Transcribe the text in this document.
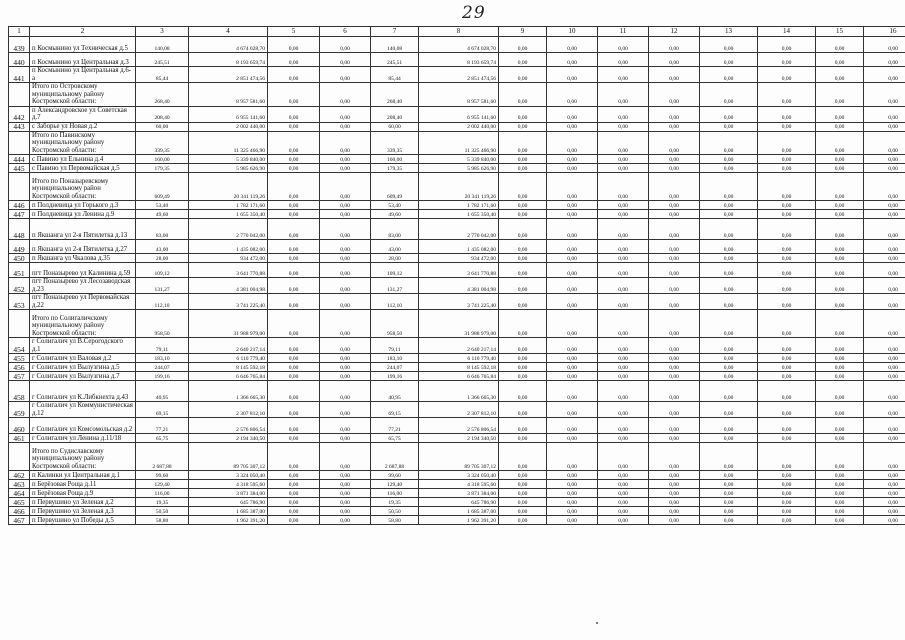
29
1	2	3	4	5	6	7	8	9	10	11	12	13	14	15	16
439	п Космынино ул Техническая д.5	140,08	4 674 028,70	0,00	0,00	140,08	4 674 028,70	0,00	0,00	0,00	0,00	0,00	0,00	0,00	0,00
440	п Космынино ул Центральная д.3	245,51	8 193 659,74	0,00	0,00	245,51	8 193 659,74	0,00	0,00	0,00	0,00	0,00	0,00	0,00	0,00
441	п Космынино ул Центральная д.6-а	85,44	2 851 474,56	0,00	0,00	85,44	2 851 474,56	0,00	0,00	0,00	0,00	0,00	0,00	0,00	0,00
	Итого по Островскому муниципальному району Костромской области:	268,40	8 957 581,60	0,00	0,00	268,40	8 957 581,60	0,00	0,00	0,00	0,00	0,00	0,00	0,00	0,00
442	п Александровское ул Советская д.7	208,40	6 955 141,60	0,00	0,00	208,40	6 955 141,60	0,00	0,00	0,00	0,00	0,00	0,00	0,00	0,00
443	с Заборье ул Новая д.2	60,00	2 002 440,00	0,00	0,00	60,00	2 002 440,00	0,00	0,00	0,00	0,00	0,00	0,00	0,00	0,00
	Итого по Павинскому муниципальному району Костромской области:	339,35	11 325 466,90	0,00	0,00	339,35	11 325 466,90	0,00	0,00	0,00	0,00	0,00	0,00	0,00	0,00
444	с Павино ул Ельнина д.4	160,00	5 339 840,00	0,00	0,00	160,00	5 339 840,00	0,00	0,00	0,00	0,00	0,00	0,00	0,00	0,00
445	с Павино ул Первомайская д.5	179,35	5 985 626,90	0,00	0,00	179,35	5 985 626,90	0,00	0,00	0,00	0,00	0,00	0,00	0,00	0,00
	Итого по Поназыревскому муниципальному район Костромской области:	609,49	20 341 119,26	0,00	0,00	609,49	20 341 119,26	0,00	0,00	0,00	0,00	0,00	0,00	0,00	0,00
446	п Полдневица ул Горького д.3	53,40	1 782 171,60	0,00	0,00	53,40	1 782 171,60	0,00	0,00	0,00	0,00	0,00	0,00	0,00	0,00
447	п Полдневица ул Ленина д.9	49,60	1 655 350,40	0,00	0,00	49,60	1 655 350,40	0,00	0,00	0,00	0,00	0,00	0,00	0,00	0,00
448	п Якшанга ул 2-я Пятилетка д.13	83,00	2 770 042,00	0,00	0,00	83,00	2 770 042,00	0,00	0,00	0,00	0,00	0,00	0,00	0,00	0,00
449	п Якшанга ул 2-я Пятилетка д.27	43,00	1 435 082,00	0,00	0,00	43,00	1 435 082,00	0,00	0,00	0,00	0,00	0,00	0,00	0,00	0,00
450	п Якшанга ул Чкалова д.35	28,00	934 472,00	0,00	0,00	28,00	934 472,00	0,00	0,00	0,00	0,00	0,00	0,00	0,00	0,00
451	пгт Поназырево ул Калинина д.59	109,12	3 641 770,88	0,00	0,00	109,12	3 641 770,88	0,00	0,00	0,00	0,00	0,00	0,00	0,00	0,00
452	пгт Поназырево ул Лесозаводская д.23	131,27	4 381 004,98	0,00	0,00	131,27	4 381 004,98	0,00	0,00	0,00	0,00	0,00	0,00	0,00	0,00
453	пгт Поназырево ул Первомайская д.22	112,10	3 741 225,40	0,00	0,00	112,10	3 741 225,40	0,00	0,00	0,00	0,00	0,00	0,00	0,00	0,00
	Итого по Солигаличскому муниципальному району Костромской области:	958,50	31 988 979,00	0,00	0,00	958,50	31 988 979,00	0,00	0,00	0,00	0,00	0,00	0,00	0,00	0,00
454	г Солигалич ул В.Серогодского д.1	79,11	2 640 217,14	0,00	0,00	79,11	2 640 217,14	0,00	0,00	0,00	0,00	0,00	0,00	0,00	0,00
455	г Солигалич ул Валовая д.2	183,10	6 110 779,40	0,00	0,00	183,10	6 110 779,40	0,00	0,00	0,00	0,00	0,00	0,00	0,00	0,00
456	г Солигалич ул Вылузгина д.5	244,07	8 145 592,18	0,00	0,00	244,07	8 145 592,18	0,00	0,00	0,00	0,00	0,00	0,00	0,00	0,00
457	г Солигалич ул Вылузгина д.7	199,16	6 646 765,84	0,00	0,00	199,16	6 646 765,84	0,00	0,00	0,00	0,00	0,00	0,00	0,00	0,00
458	г Солигалич ул К.Либкнехта д.43	40,95	1 366 665,30	0,00	0,00	40,95	1 366 665,30	0,00	0,00	0,00	0,00	0,00	0,00	0,00	0,00
459	г Солигалич ул Коммунистическая д.12	69,15	2 307 812,10	0,00	0,00	69,15	2 307 812,10	0,00	0,00	0,00	0,00	0,00	0,00	0,00	0,00
460	г Солигалич ул Комсомольская д.2	77,21	2 576 806,54	0,00	0,00	77,21	2 576 806,54	0,00	0,00	0,00	0,00	0,00	0,00	0,00	0,00
461	г Солигалич ул Ленина д.11/18	65,75	2 194 340,50	0,00	0,00	65,75	2 194 340,50	0,00	0,00	0,00	0,00	0,00	0,00	0,00	0,00
	Итого по Судиславскому муниципальному району Костромской области:	2 687,88	89 705 307,12	0,00	0,00	2 687,88	89 705 307,12	0,00	0,00	0,00	0,00	0,00	0,00	0,00	0,00
462	п Калинки ул Центральная д.1	99,60	3 324 050,40	0,00	0,00	99,60	3 324 050,40	0,00	0,00	0,00	0,00	0,00	0,00	0,00	0,00
463	п Берёзовая Роща д.11	129,40	4 318 595,60	0,00	0,00	129,40	4 318 595,60	0,00	0,00	0,00	0,00	0,00	0,00	0,00	0,00
464	п Берёзовая Роща д.9	116,00	3 871 384,00	0,00	0,00	116,00	3 871 384,00	0,00	0,00	0,00	0,00	0,00	0,00	0,00	0,00
465	п Первушино ул Зеленая д.2	19,35	645 786,90	0,00	0,00	19,35	645 786,90	0,00	0,00	0,00	0,00	0,00	0,00	0,00	0,00
466	п Первушино ул Зеленая д.3	50,50	1 685 387,00	0,00	0,00	50,50	1 685 387,00	0,00	0,00	0,00	0,00	0,00	0,00	0,00	0,00
467	п Первушино ул Победы д.5	58,80	1 962 391,20	0,00	0,00	58,80	1 962 391,20	0,00	0,00	0,00	0,00	0,00	0,00	0,00	0,00
